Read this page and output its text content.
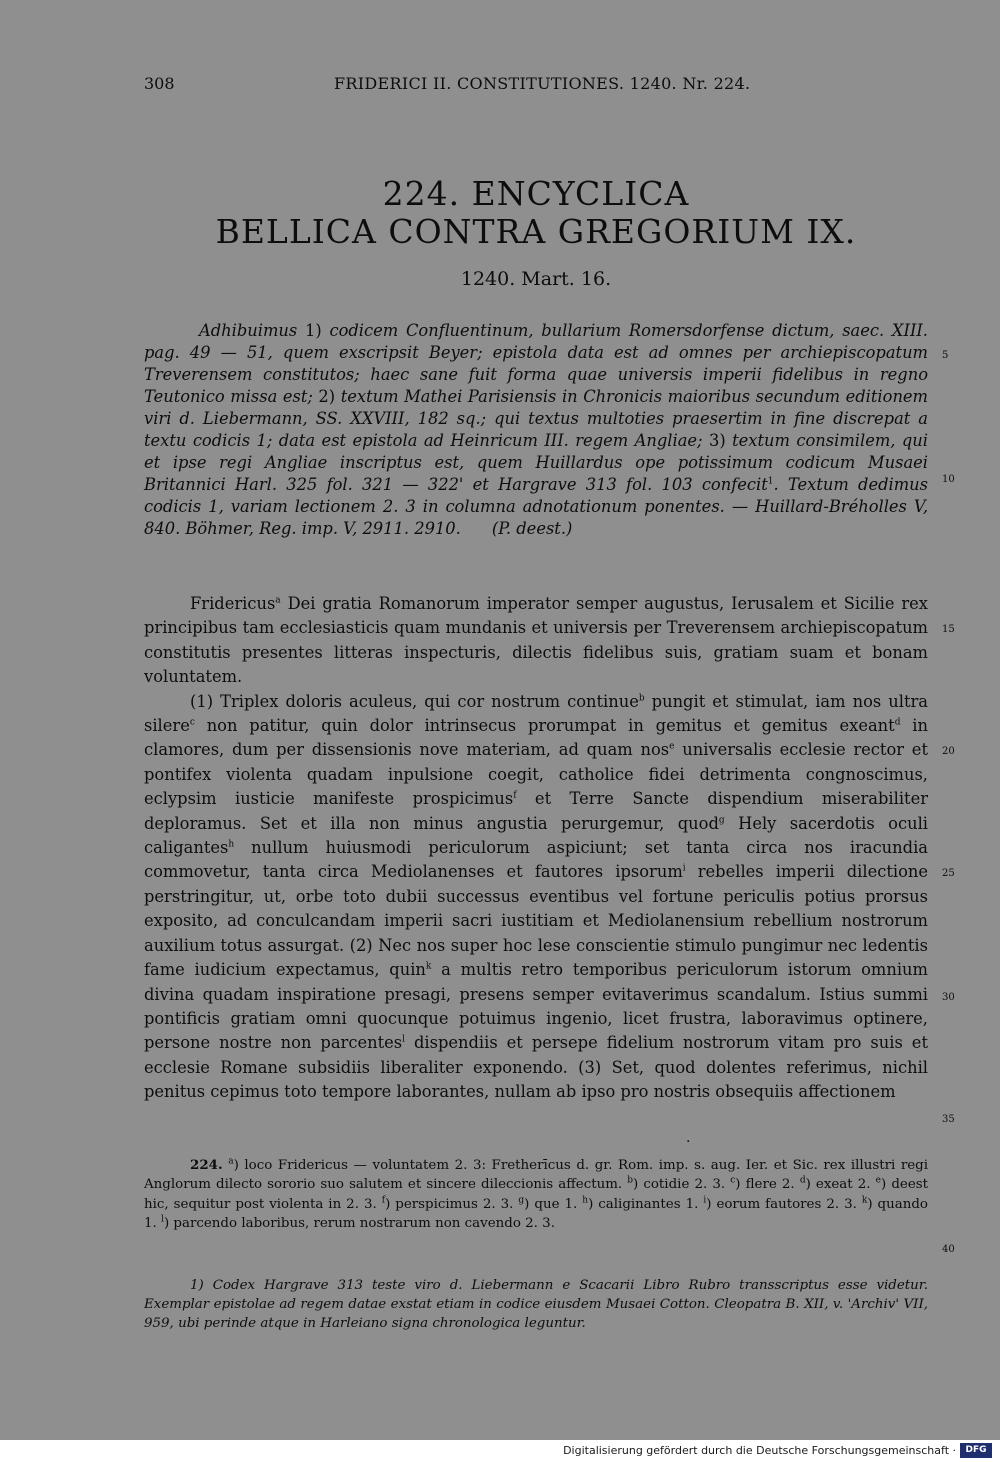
308	FRIDERICI II. CONSTITUTIONES. 1240. Nr. 224.
224. ENCYCLICA
BELLICA CONTRA GREGORIUM IX.
1240. Mart. 16.
Adhibuimus 1) codicem Confluentinum, bullarium Romersdorfense dictum, saec. XIII. pag. 49 — 51, quem exscripsit Beyer; epistola data est ad omnes per archiepiscopatum Treverensem constitutos; haec sane fuit forma quae universis imperii fidelibus in regno Teutonico missa est; 2) textum Mathei Parisiensis in Chronicis maioribus secundum editionem viri d. Liebermann, SS. XXVIII, 182 sq.; qui textus multoties praesertim in fine discrepat a textu codicis 1; data est epistola ad Heinricum III. regem Angliae; 3) textum consimilem, qui et ipse regi Angliae inscriptus est, quem Huillardus ope potissimum codicum Musaei Britannici Harl. 325 fol. 321 — 322' et Hargrave 313 fol. 103 confecit$^1$. Textum dedimus codicis 1, variam lectionem 2. 3 in columna adnotationum ponentes. — Huillard-Bréholles V, 840. Böhmer, Reg. imp. V, 2911. 2910. (P. deest.)

Fridericus$^a$ Dei gratia Romanorum imperator semper augustus, Ierusalem et Sicilie rex principibus tam ecclesiasticis quam mundanis et universis per Treverensem archiepiscopatum constitutis presentes litteras inspecturis, dilectis fidelibus suis, gratiam suam et bonam voluntatem.

(1) Triplex doloris aculeus, qui cor nostrum continue$^b$ pungit et stimulat, iam nos ultra silere$^c$ non patitur, quin dolor intrinsecus prorumpat in gemitus et gemitus exeant$^d$ in clamores, dum per dissensionis nove materiam, ad quam nos$^e$ universalis ecclesie rector et pontifex violenta quadam inpulsione coegit, catholice fidei detrimenta congnoscimus, eclypsim iusticie manifeste prospicimus$^f$ et Terre Sancte dispendium miserabiliter deploramus. Set et illa non minus angustia perurgemur, quod$^g$ Hely sacerdotis oculi caligantes$^h$ nullum huiusmodi periculorum aspiciunt; set tanta circa nos iracundia commovetur, tanta circa Mediolanenses et fautores ipsorum$^i$ rebelles imperii dilectione perstringitur, ut, orbe toto dubii successus eventibus vel fortune periculis potius prorsus exposito, ad conculcandam imperii sacri iustitiam et Mediolanensium rebellium nostrorum auxilium totus assurgat. (2) Nec nos super hoc lese conscientie stimulo pungimur nec ledentis fame iudicium expectamus, quin$^k$ a multis retro temporibus periculorum istorum omnium divina quadam inspiratione presagi, presens semper evitaverimus scandalum. Istius summi pontificis gratiam omni quocunque potuimus ingenio, licet frustra, laboravimus optinere, persone nostre non parcentes$^l$ dispendiis et persepe fidelium nostrorum vitam pro suis et ecclesie Romane subsidiis liberaliter exponendo. (3) Set, quod dolentes referimus, nichil penitus cepimus toto tempore laborantes, nullam ab ipso pro nostris obsequiis affectionem

·
224. $^a$) loco Fridericus — voluntatem 2. 3: Fretherīcus d. gr. Rom. imp. s. aug. Ier. et Sic. rex illustri regi Anglorum dilecto sororio suo salutem et sincere dileccionis affectum. $^b$) cotidie 2. 3. $^c$) flere 2. $^d$) exeat 2. $^e$) deest hic, sequitur post violenta in 2. 3. $^f$) perspicimus 2. 3. $^g$) que 1. $^h$) caliginantes 1. $^i$) eorum fautores 2. 3. $^k$) quando 1. $^l$) parcendo laboribus, rerum nostrarum non cavendo 2. 3.

1) Codex Hargrave 313 teste viro d. Liebermann e Scacarii Libro Rubro transscriptus esse videtur. Exemplar epistolae ad regem datae exstat etiam in codice eiusdem Musaei Cotton. Cleopatra B. XII, v. 'Archiv' VII, 959, ubi perinde atque in Harleiano signa chronologica leguntur.

5
10
15
20
25
30
35
40
Digitalisierung gefördert durch die Deutsche Forschungsgemeinschaft ·	DFG
